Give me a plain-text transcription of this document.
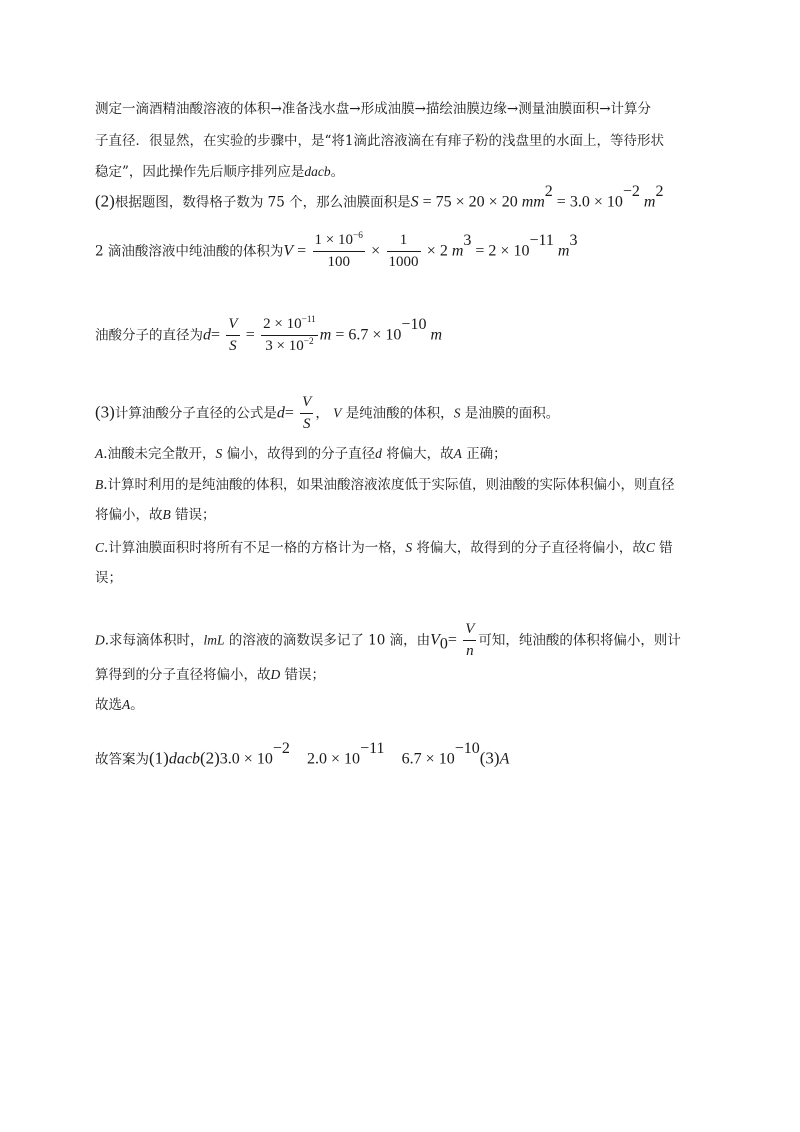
测定一滴酒精油酸溶液的体积→准备浅水盘→形成油膜→描绘油膜边缘→测量油膜面积→计算分
子直径．很显然，在实验的步骤中，是“将1滴此溶液滴在有痱子粉的浅盘里的水面上，等待形状
稳定”，因此操作先后顺序排列应是dacb。
(2)根据题图，数得格子数为 75 个，那么油膜面积是S = 75 × 20 × 20 $mm^2 = 3.0 \times 10^{-2}$ $m^2$
2 滴油酸溶液中纯油酸的体积为$V = \frac{1 \times 10^{-6}}{100} \times \frac{1}{1000} \times 2$ $m^3 = 2 \times 10^{-11}$ $m^3$
油酸分子的直径为$d= \frac{V}{S} = \frac{2 \times 10^{-11}}{3 \times 10^{-2}}$ $m = 6.7 \times 10^{-10}$ m
(3)计算油酸分子直径的公式是$d= \frac{V}{S}$ ， V 是纯油酸的体积，S 是油膜的面积。
A.油酸未完全散开，S 偏小，故得到的分子直径d 将偏大，故A 正确；
B.计算时利用的是纯油酸的体积，如果油酸溶液浓度低于实际值，则油酸的实际体积偏小，则直径
将偏小，故B 错误；
C.计算油膜面积时将所有不足一格的方格计为一格，S 将偏大，故得到的分子直径将偏小，故C 错
误；
D.求每滴体积时，lmL 的溶液的滴数误多记了 10 滴，由$V_0= \frac{V}{n}$ 可知，纯油酸的体积将偏小，则计
算得到的分子直径将偏小，故D 错误；
故选A。
故答案为(1)dacb(2)3.0 × $10^{-2}$    $2.0 \times 10^{-11}$    $6.7 \times 10^{-10}(3)A$
